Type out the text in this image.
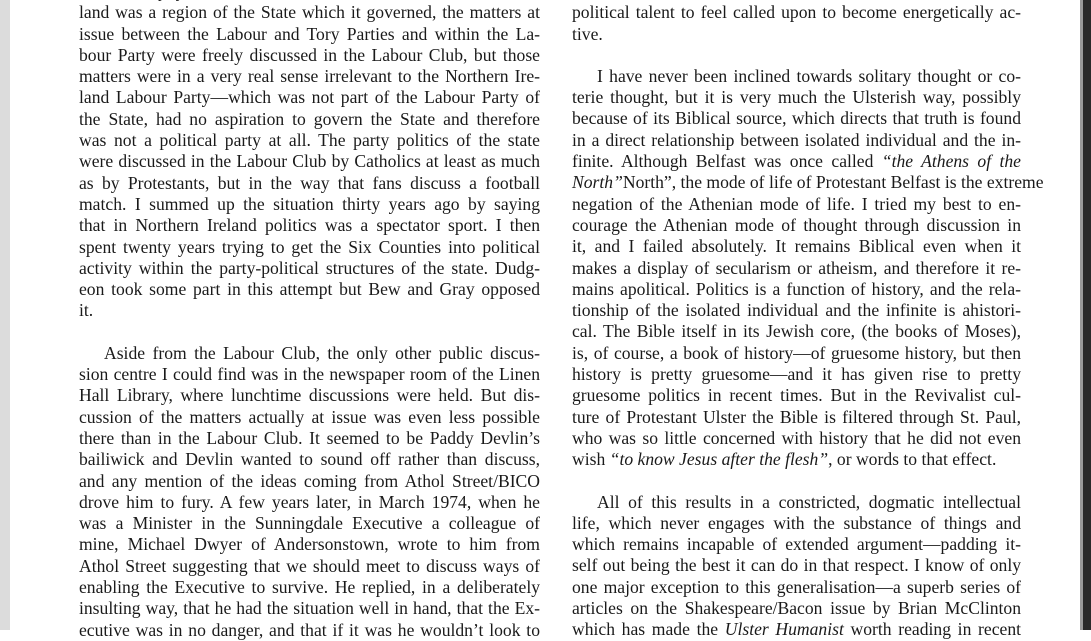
land was a region of the State which it governed, the matters at
issue between the Labour and Tory Parties and within the La-
bour Party were freely discussed in the Labour Club, but those
matters were in a very real sense irrelevant to the Northern Ire-
land Labour Party—which was not part of the Labour Party of
the State, had no aspiration to govern the State and therefore
was not a political party at all. The party politics of the state
were discussed in the Labour Club by Catholics at least as much
as by Protestants, but in the way that fans discuss a football
match. I summed up the situation thirty years ago by saying
that in Northern Ireland politics was a spectator sport. I then
spent twenty years trying to get the Six Counties into political
activity within the party-political structures of the state. Dudg-
eon took some part in this attempt but Bew and Gray opposed
it.
Aside from the Labour Club, the only other public discus-
sion centre I could find was in the newspaper room of the Linen
Hall Library, where lunchtime discussions were held. But dis-
cussion of the matters actually at issue was even less possible
there than in the Labour Club. It seemed to be Paddy Devlin’s
bailiwick and Devlin wanted to sound off rather than discuss,
and any mention of the ideas coming from Athol Street/BICO
drove him to fury. A few years later, in March 1974, when he
was a Minister in the Sunningdale Executive a colleague of
mine, Michael Dwyer of Andersonstown, wrote to him from
Athol Street suggesting that we should meet to discuss ways of
enabling the Executive to survive. He replied, in a deliberately
insulting way, that he had the situation well in hand, that the Ex-
ecutive was in no danger, and that if it was he wouldn’t look to
political talent to feel called upon to become energetically ac-
tive.
I have never been inclined towards solitary thought or co-
terie thought, but it is very much the Ulsterish way, possibly
because of its Biblical source, which directs that truth is found
in a direct relationship between isolated individual and the in-
finite. Although Belfast was once called “the Athens of the
North”North”, the mode of life of Protestant Belfast is the extreme
negation of the Athenian mode of life. I tried my best to en-
courage the Athenian mode of thought through discussion in
it, and I failed absolutely. It remains Biblical even when it
makes a display of secularism or atheism, and therefore it re-
mains apolitical. Politics is a function of history, and the rela-
tionship of the isolated individual and the infinite is ahistori-
cal. The Bible itself in its Jewish core, (the books of Moses),
is, of course, a book of history—of gruesome history, but then
history is pretty gruesome—and it has given rise to pretty
gruesome politics in recent times. But in the Revivalist cul-
ture of Protestant Ulster the Bible is filtered through St. Paul,
who was so little concerned with history that he did not even
wish “to know Jesus after the flesh”, or words to that effect.
All of this results in a constricted, dogmatic intellectual
life, which never engages with the substance of things and
which remains incapable of extended argument—padding it-
self out being the best it can do in that respect. I know of only
one major exception to this generalisation—a superb series of
articles on the Shakespeare/Bacon issue by Brian McClinton
which has made the Ulster Humanist worth reading in recent
